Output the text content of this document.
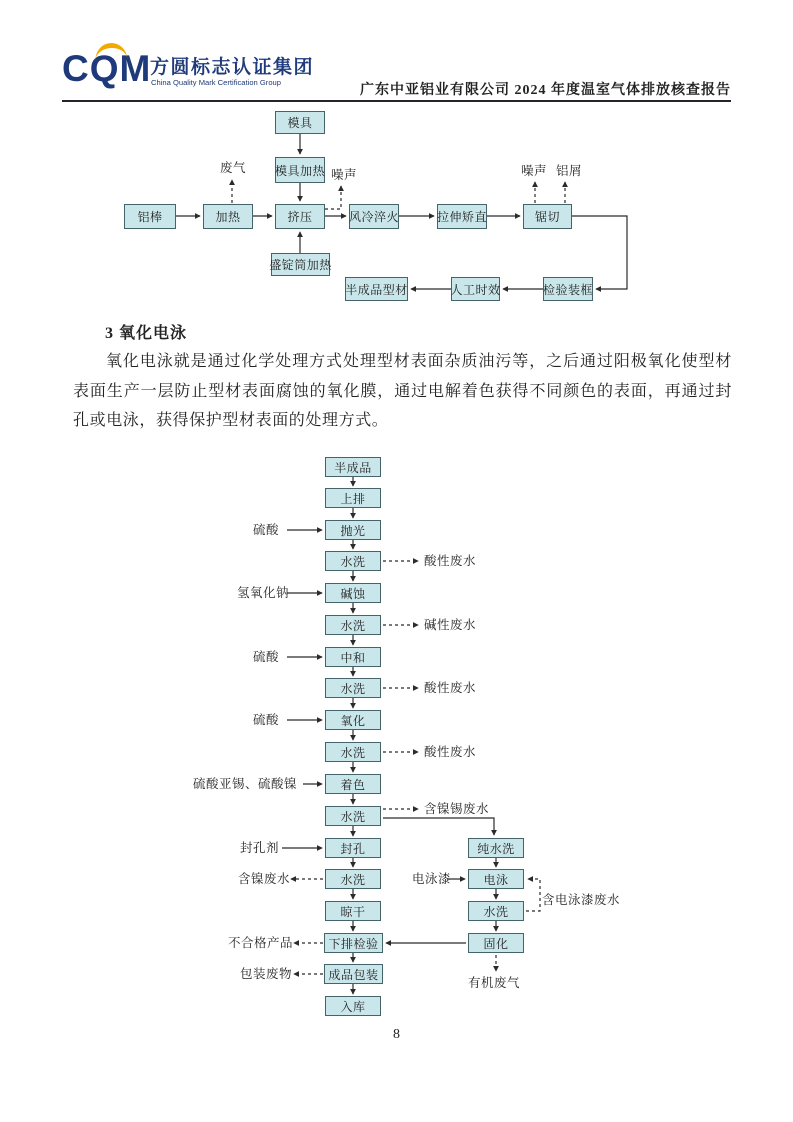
CQM
方圆标志认证集团
China Quality Mark Certification Group
广东中亚铝业有限公司 2024 年度温室气体排放核查报告
模具
模具加热
铝棒	加热	挤压	风冷淬火	拉伸矫直	锯切
盛锭筒加热
半成品型材	人工时效	检验装框
废气	噪声	噪声 铝屑
半成品
上排
抛光
水洗
碱蚀
水洗
中和
水洗
氧化
水洗
着色
水洗
封孔
水洗
晾干
下排检验
成品包装
入库
纯水洗
电泳
水洗
固化
硫酸
氢氧化钠
硫酸
硫酸
硫酸亚锡、硫酸镍
封孔剂
电泳漆
酸性废水
碱性废水
酸性废水
酸性废水
含镍锡废水
含镍废水
不合格产品
包装废物
含电泳漆废水
有机废气
3 氧化电泳
氧化电泳就是通过化学处理方式处理型材表面杂质油污等，之后通过阳极氧化使型材表面生产一层防止型材表面腐蚀的氧化膜，通过电解着色获得不同颜色的表面，再通过封孔或电泳，获得保护型材表面的处理方式。
8
